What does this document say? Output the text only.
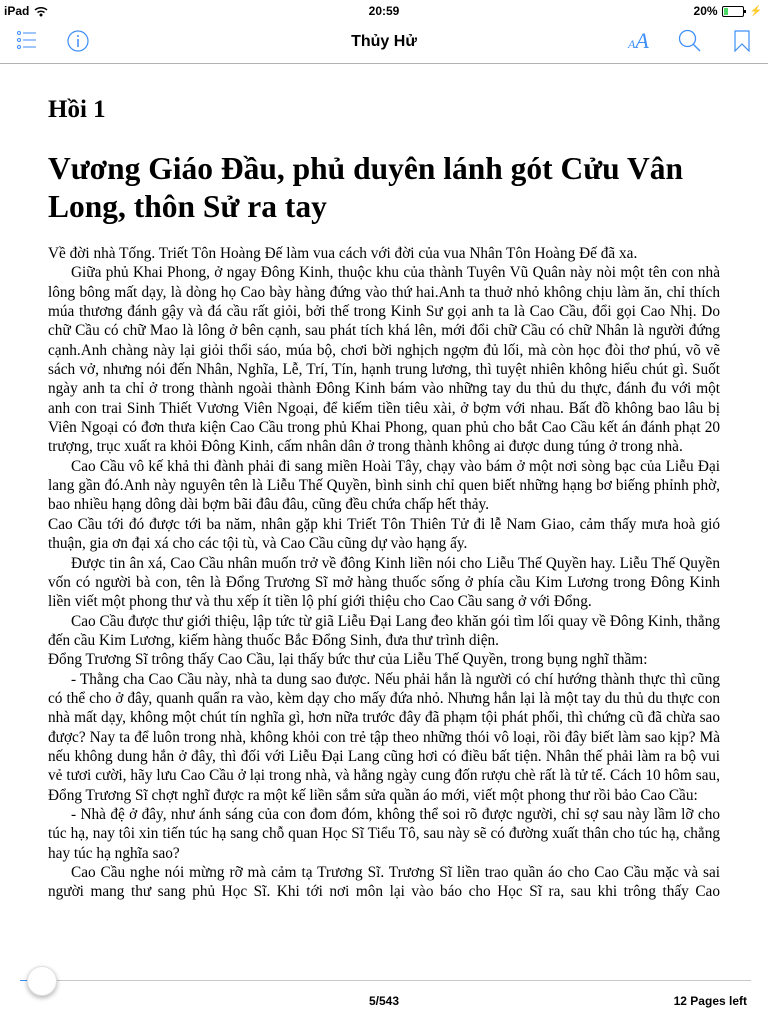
iPad	20:59	20%	⚡
Thủy Hử	AA
Hồi 1
Vương Giáo Đầu, phủ duyên lánh gót Cửu Vân Long, thôn Sử ra tay

Về đời nhà Tống. Triết Tôn Hoàng Đế làm vua cách với đời của vua Nhân Tôn Hoàng Đế đã xa.

Giữa phủ Khai Phong, ở ngay Đông Kinh, thuộc khu của thành Tuyên Vũ Quân này nòi một tên con nhà lông bông mất dạy, là dòng họ Cao bày hàng đứng vào thứ hai.Anh ta thuở nhỏ không chịu làm ăn, chỉ thích múa thương đánh gậy và đá cầu rất giỏi, bởi thế trong Kinh Sư gọi anh ta là Cao Cầu, đổi gọi Cao Nhị. Do chữ Cầu có chữ Mao là lông ở bên cạnh, sau phát tích khá lên, mới đổi chữ Cầu có chữ Nhân là người đứng cạnh.Anh chàng này lại giỏi thổi sáo, múa bộ, chơi bời nghịch ngợm đủ lối, mà còn học đòi thơ phú, võ vẽ sách vở, nhưng nói đến Nhân, Nghĩa, Lễ, Trí, Tín, hạnh trung lương, thì tuyệt nhiên không hiểu chút gì. Suốt ngày anh ta chỉ ở trong thành ngoài thành Đông Kinh bám vào những tay du thủ du thực, đánh đu với một anh con trai Sinh Thiết Vương Viên Ngoại, để kiếm tiền tiêu xài, ở bợm với nhau. Bất đồ không bao lâu bị Viên Ngoại có đơn thưa kiện Cao Cầu trong phủ Khai Phong, quan phủ cho bắt Cao Cầu kết án đánh phạt 20 trượng, trục xuất ra khỏi Đông Kinh, cấm nhân dân ở trong thành không ai được dung túng ở trong nhà.

Cao Cầu vô kế khả thi đành phải đi sang miền Hoài Tây, chạy vào bám ở một nơi sòng bạc của Liễu Đại lang gần đó.Anh này nguyên tên là Liễu Thế Quyền, bình sinh chỉ quen biết những hạng bơ biếng phỉnh phờ, bao nhiều hạng dông dài bợm bãi đâu đâu, cũng đều chứa chấp hết thảy.

Cao Cầu tới đó được tới ba năm, nhân gặp khi Triết Tôn Thiên Tử đi lễ Nam Giao, cảm thấy mưa hoà gió thuận, gia ơn đại xá cho các tội tù, và Cao Cầu cũng dự vào hạng ấy.

Được tin ân xá, Cao Cầu nhân muốn trở về đông Kinh liền nói cho Liễu Thế Quyền hay. Liễu Thế Quyền vốn có người bà con, tên là Đổng Trương Sĩ mở hàng thuốc sống ở phía cầu Kim Lương trong Đông Kinh liền viết một phong thư và thu xếp ít tiền lộ phí giới thiệu cho Cao Cầu sang ở với Đổng.

Cao Cầu được thư giới thiệu, lập tức từ giã Liễu Đại Lang đeo khăn gói tìm lối quay về Đông Kinh, thẳng đến cầu Kim Lương, kiếm hàng thuốc Bắc Đổng Sinh, đưa thư trình diện.

Đổng Trương Sĩ trông thấy Cao Cầu, lại thấy bức thư của Liễu Thế Quyền, trong bụng nghĩ thầm:

- Thằng cha Cao Cầu này, nhà ta dung sao được. Nếu phải hắn là người có chí hướng thành thực thì cũng có thể cho ở đây, quanh quẩn ra vào, kèm dạy cho mấy đứa nhỏ. Nhưng hắn lại là một tay du thủ du thực con nhà mất dạy, không một chút tín nghĩa gì, hơn nữa trước đây đã phạm tội phát phối, thì chứng cũ đã chừa sao được? Nay ta để luôn trong nhà, không khỏi con trẻ tập theo những thói vô loại, rồi đây biết làm sao kịp? Mà nếu không dung hắn ở đây, thì đối với Liễu Đại Lang cũng hơi có điều bất tiện. Nhân thế phải làm ra bộ vui vẻ tươi cười, hãy lưu Cao Cầu ở lại trong nhà, và hằng ngày cung đốn rượu chè rất là tử tế. Cách 10 hôm sau, Đổng Trương Sĩ chợt nghĩ được ra một kế liền sắm sửa quần áo mới, viết một phong thư rồi bảo Cao Cầu:

- Nhà đệ ở đây, như ánh sáng của con đom đóm, không thể soi rõ được người, chỉ sợ sau này lầm lỡ cho túc hạ, nay tôi xin tiến túc hạ sang chỗ quan Học Sĩ Tiểu Tô, sau này sẽ có đường xuất thân cho túc hạ, chẳng hay túc hạ nghĩa sao?

Cao Cầu nghe nói mừng rỡ mà cảm tạ Trương Sĩ. Trương Sĩ liền trao quần áo cho Cao Cầu mặc và sai người mang thư sang phủ Học Sĩ. Khi tới nơi môn lại vào báo cho Học Sĩ ra, sau khi trông thấy Cao

5/543	12 Pages left
